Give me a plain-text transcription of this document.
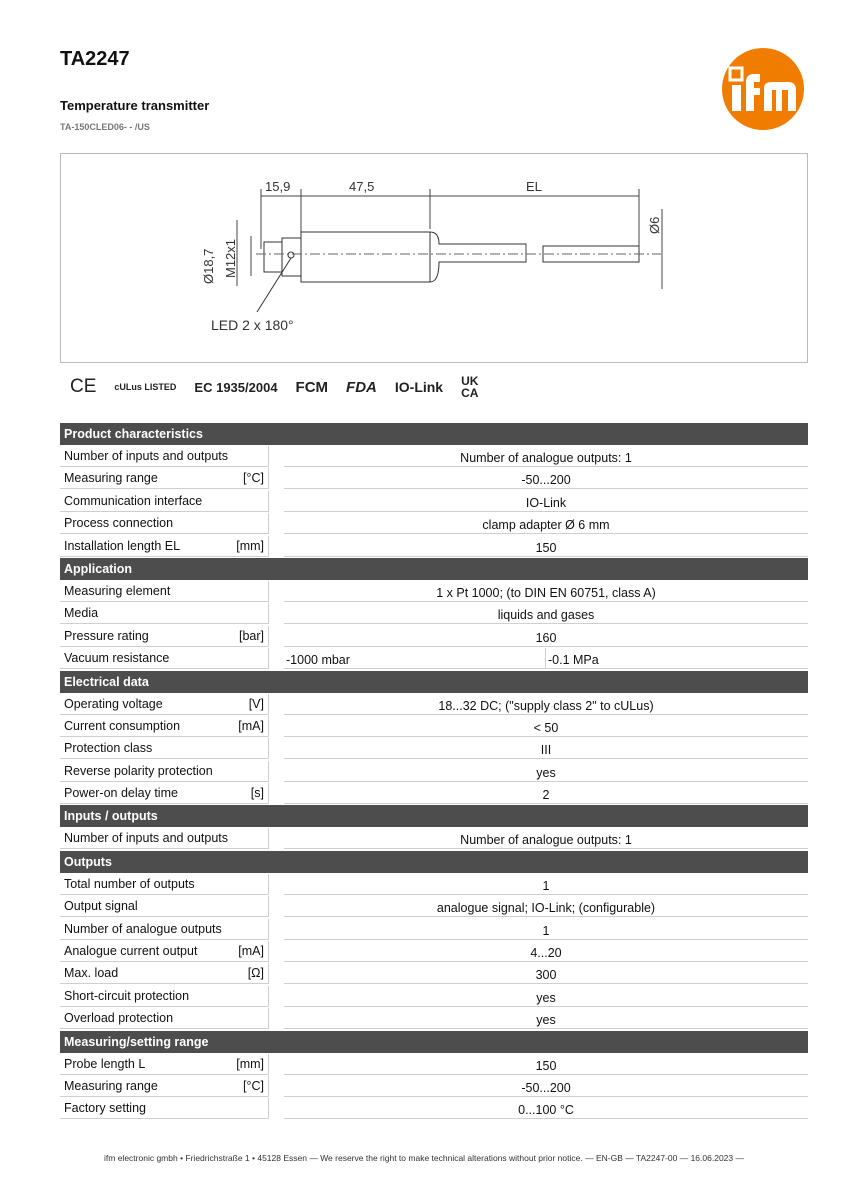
TA2247
Temperature transmitter
TA-150CLED06- - /US
ifm
15,9	47,5	EL
Ø6
Ø18,7 M12x1
LED 2 x 180°
CE cULus LISTED EC 1935/2004 FCM FDA IO-Link UK CA
Product characteristics
Number of inputs and outputs	Number of analogue outputs: 1
Measuring range	[°C]	-50...200
Communication interface	IO-Link
Process connection	clamp adapter Ø 6 mm
Installation length EL	[mm]	150
Application
Measuring element	1 x Pt 1000; (to DIN EN 60751, class A)
Media	liquids and gases
Pressure rating	[bar]	160
Vacuum resistance	-1000 mbar	-0.1 MPa
Electrical data
Operating voltage	[V]	18...32 DC; ("supply class 2" to cULus)
Current consumption	[mA]	< 50
Protection class	III
Reverse polarity protection	yes
Power-on delay time	[s]	2
Inputs / outputs
Number of inputs and outputs	Number of analogue outputs: 1
Outputs
Total number of outputs	1
Output signal	analogue signal; IO-Link; (configurable)
Number of analogue outputs	1
Analogue current output	[mA]	4...20
Max. load	[Ω]	300
Short-circuit protection	yes
Overload protection	yes
Measuring/setting range
Probe length L	[mm]	150
Measuring range	[°C]	-50...200
Factory setting	0...100 °C
ifm electronic gmbh • Friedrichstraße 1 • 45128 Essen — We reserve the right to make technical alterations without prior notice. — EN-GB — TA2247-00 — 16.06.2023 —
